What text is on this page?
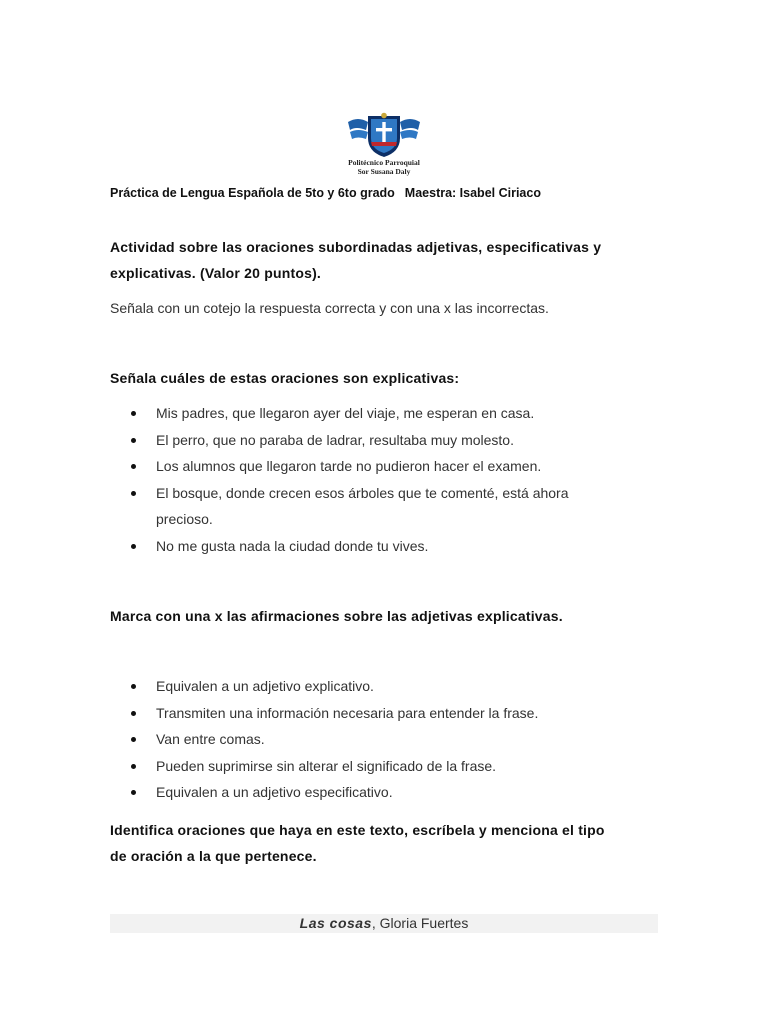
Politécnico Parroquial
Sor Susana Daly
Práctica de Lengua Española de 5to y 6to grado Maestra: Isabel Ciriaco
Actividad sobre las oraciones subordinadas adjetivas, especificativas y
explicativas. (Valor 20 puntos).
Señala con un cotejo la respuesta correcta y con una x las incorrectas.
Señala cuáles de estas oraciones son explicativas:
Mis padres, que llegaron ayer del viaje, me esperan en casa.
El perro, que no paraba de ladrar, resultaba muy molesto.
Los alumnos que llegaron tarde no pudieron hacer el examen.
El bosque, donde crecen esos árboles que te comenté, está ahora
precioso.
No me gusta nada la ciudad donde tu vives.
Marca con una x las afirmaciones sobre las adjetivas explicativas.
Equivalen a un adjetivo explicativo.
Transmiten una información necesaria para entender la frase.
Van entre comas.
Pueden suprimirse sin alterar el significado de la frase.
Equivalen a un adjetivo especificativo.
Identifica oraciones que haya en este texto, escríbela y menciona el tipo
de oración a la que pertenece.
Las cosas, Gloria Fuertes
